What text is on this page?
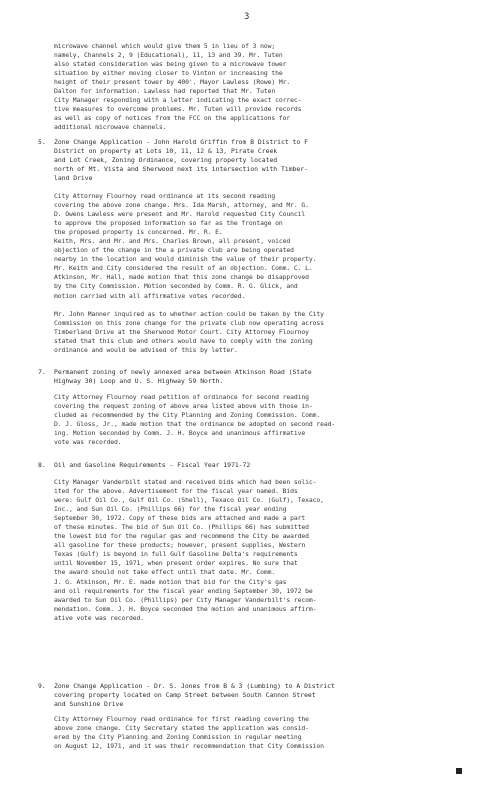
3
microwave channel which would give them 5 in lieu of 3 now;
namely, Channels 2, 9 (Educational), 11, 13 and 39. Mr. Tuten
also stated consideration was being given to a microwave tower
situation by either moving closer to Vinton or increasing the
height of their present tower by 400'. Mayor Lawless (Rowe) Mr.
Dalton for information. Lawless had reported that Mr. Tuten
City Manager responding with a letter indicating the exact correc-
tive measures to overcome problems. Mr. Tuten will provide records
as well as copy of notices from the FCC on the applications for
additional microwave channels.
5. Zone Change Application - John Harold Griffin from B District to F
District on property at Lots 10, 11, 12 & 13, Pirate Creek
and Lot Creek, Zoning Ordinance, covering property located
north of Mt. Vista and Sherwood next its intersection with Timber-
land Drive
City Attorney Flournoy read ordinance at its second reading
covering the above zone change. Mrs. Ida Marsh, attorney, and Mr. G.
D. Owens Lawless were present and Mr. Harold requested City Council
to approve the proposed information so far as the frontage on
the proposed property is concerned. Mr. R. E.
Keith, Mrs. and Mr. and Mrs. Charles Brown, all present, voiced
objection of the change in the a private club are being operated
nearby in the location and would diminish the value of their property.
Mr. Keith and City considered the result of an objection. Comm. C. L.
Atkinson, Mr. Hall, made motion that this zone change be disapproved
by the City Commission. Motion seconded by Comm. R. G. Glick, and
motion carried with all affirmative votes recorded.
Mr. John Manner inquired as to whether action could be taken by the City
Commission on this zone change for the private club now operating across
Timberland Drive at the Sherwood Motor Court. City Attorney Flournoy
stated that this club and others would have to comply with the zoning
ordinance and would be advised of this by letter.
7. Permanent zoning of newly annexed area between Atkinson Road (State
Highway 30) Loop and U. S. Highway 59 North.
City Attorney Flournoy read petition of ordinance for second reading
covering the request zoning of above area listed above with those in-
cluded as recommended by the City Planning and Zoning Commission. Comm.
D. J. Gloss, Jr., made motion that the ordinance be adopted on second read-
ing. Motion seconded by Comm. J. H. Boyce and unanimous affirmative
vote was recorded.
8. Oil and Gasoline Requirements - Fiscal Year 1971-72
City Manager Vanderbilt stated and received bids which had been solic-
ited for the above. Advertisement for the fiscal year named. Bids
were: Gulf Oil Co., Gulf Oil Co. (Shell), Texaco Oil Co. (Gulf), Texaco,
Inc., and Sun Oil Co. (Phillips 66) for the fiscal year ending
September 30, 1972. Copy of these bids are attached and made a part
of these minutes. The bid of Sun Oil Co. (Phillips 66) has submitted
the lowest bid for the regular gas and recommend the City be awarded
all gasoline for these products; however, present supplies, Western
Texas (Gulf) is beyond in full Gulf Gasoline Delta's requirements
until November 15, 1971, when present order expires. No sure that
the award should not take effect until that date. Mr. Comm.
J. G. Atkinson, Mr. E. made motion that bid for the City's gas
and oil requirements for the fiscal year ending September 30, 1972 be
awarded to Sun Oil Co. (Phillips) per City Manager Vanderbilt's recom-
mendation. Comm. J. H. Boyce seconded the motion and unanimous affirm-
ative vote was recorded.
9. Zone Change Application - Dr. S. Jones from B & 3 (Lumbing) to A District
covering property located on Camp Street between South Cannon Street
and Sunshine Drive
City Attorney Flournoy read ordinance for first reading covering the
above zone change. City Secretary stated the application was consid-
ered by the City Planning and Zoning Commission in regular meeting
on August 12, 1971, and it was their recommendation that City Commission
